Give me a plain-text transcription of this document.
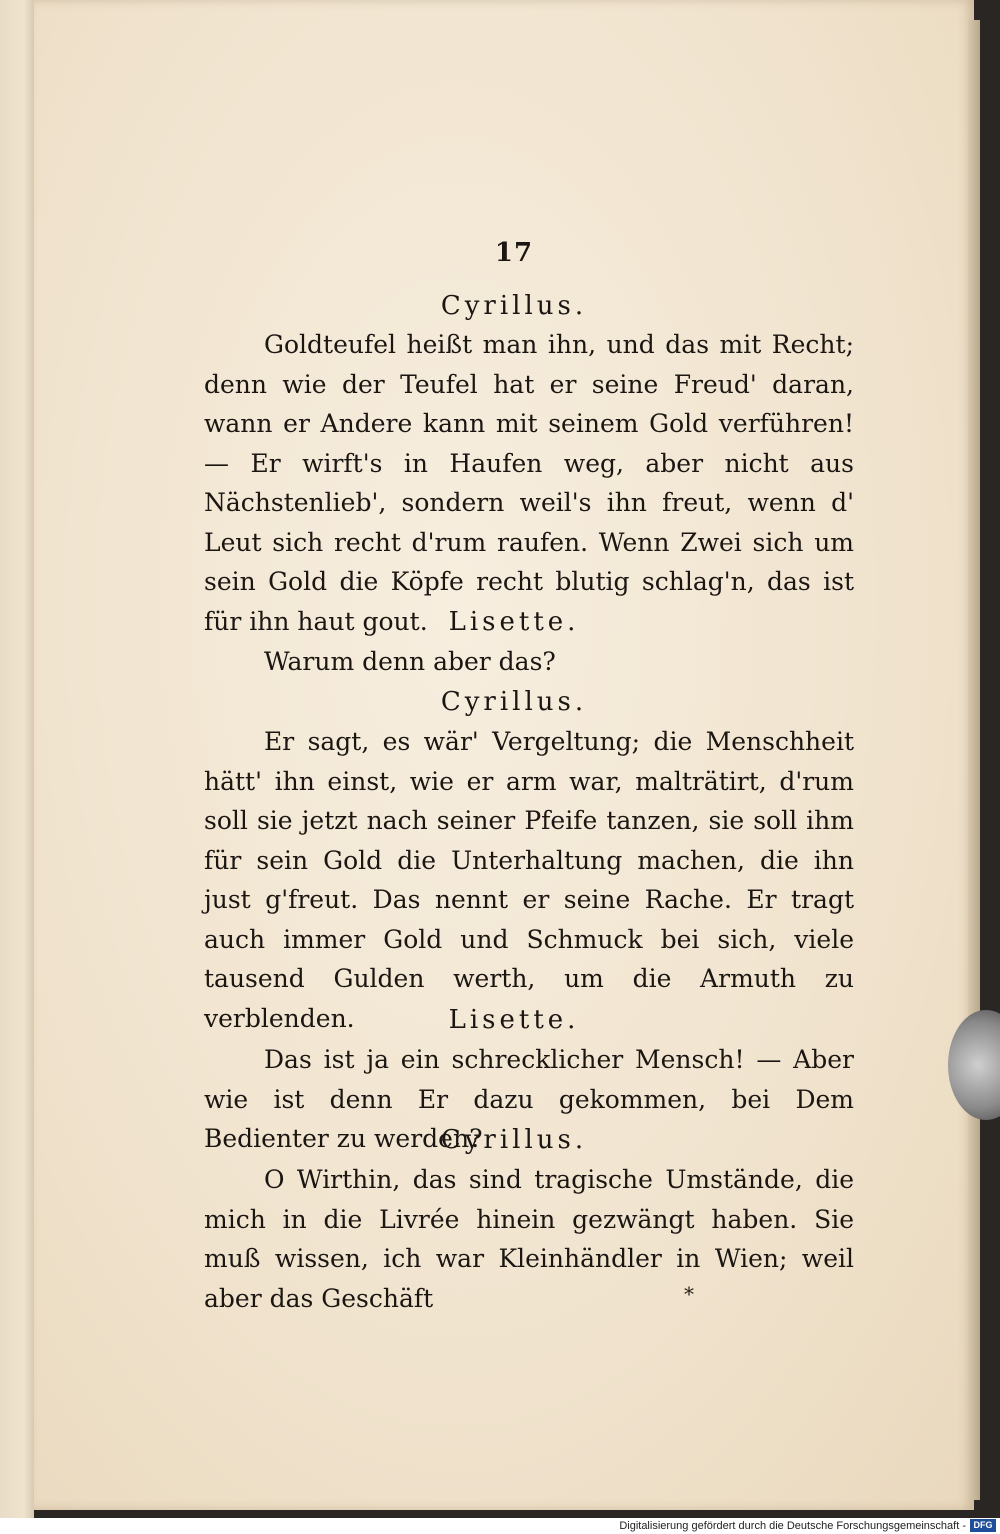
17
Cyrillus.

Goldteufel heißt man ihn, und das mit Recht; denn wie der Teufel hat er seine Freud' daran, wann er Andere kann mit seinem Gold verführen! — Er wirft's in Haufen weg, aber nicht aus Nächstenlieb', sondern weil's ihn freut, wenn d' Leut sich recht d'rum raufen. Wenn Zwei sich um sein Gold die Köpfe recht blutig schlag'n, das ist für ihn haut gout. Lisette.

Warum denn aber das?

Cyrillus.

Er sagt, es wär' Vergeltung; die Menschheit hätt' ihn einst, wie er arm war, malträtirt, d'rum soll sie jetzt nach seiner Pfeife tanzen, sie soll ihm für sein Gold die Unterhaltung machen, die ihn just g'freut. Das nennt er seine Rache. Er tragt auch immer Gold und Schmuck bei sich, viele tausend Gulden werth, um die Armuth zu verblenden.	Lisette.

Das ist ja ein schrecklicher Mensch! — Aber wie ist denn Er dazu gekommen, bei Dem Bedienter zu werden?

Cyrillus.

O Wirthin, das sind tragische Umstände, die mich in die Livrée hinein gezwängt haben. Sie muß wissen, ich war Kleinhändler in Wien; weil aber das Geschäft	*
Digitalisierung gefördert durch die Deutsche Forschungsgemeinschaft - DFG
